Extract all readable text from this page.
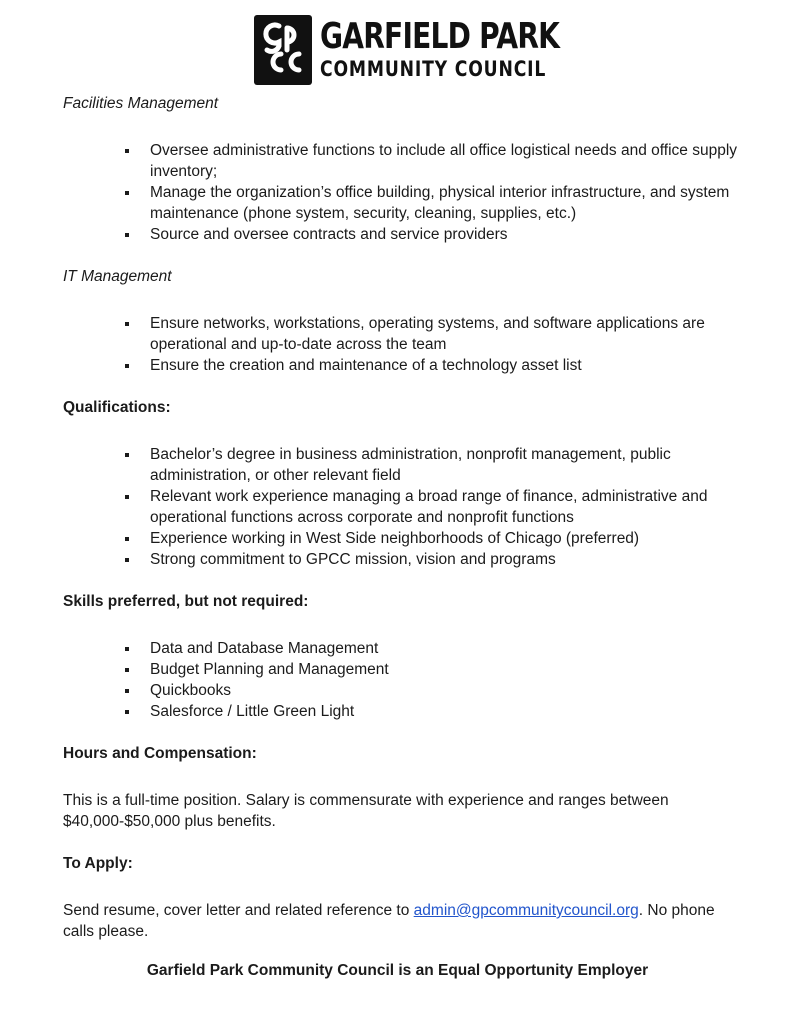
GARFIELD PARK
COMMUNITY COUNCIL

Facilities Management

Oversee administrative functions to include all office logistical needs and office supply inventory;
Manage the organization’s office building, physical interior infrastructure, and system maintenance (phone system, security, cleaning, supplies, etc.)
Source and oversee contracts and service providers

IT Management

Ensure networks, workstations, operating systems, and software applications are operational and up-to-date across the team
Ensure the creation and maintenance of a technology asset list

Qualifications:

Bachelor’s degree in business administration, nonprofit management, public administration, or other relevant field
Relevant work experience managing a broad range of finance, administrative and operational functions across corporate and nonprofit functions
Experience working in West Side neighborhoods of Chicago (preferred)
Strong commitment to GPCC mission, vision and programs

Skills preferred, but not required:

Data and Database Management
Budget Planning and Management
Quickbooks
Salesforce / Little Green Light

Hours and Compensation:

This is a full-time position. Salary is commensurate with experience and ranges between $40,000-$50,000 plus benefits.

To Apply:

Send resume, cover letter and related reference to admin@gpcommunitycouncil.org. No phone calls please.

Garfield Park Community Council is an Equal Opportunity Employer
